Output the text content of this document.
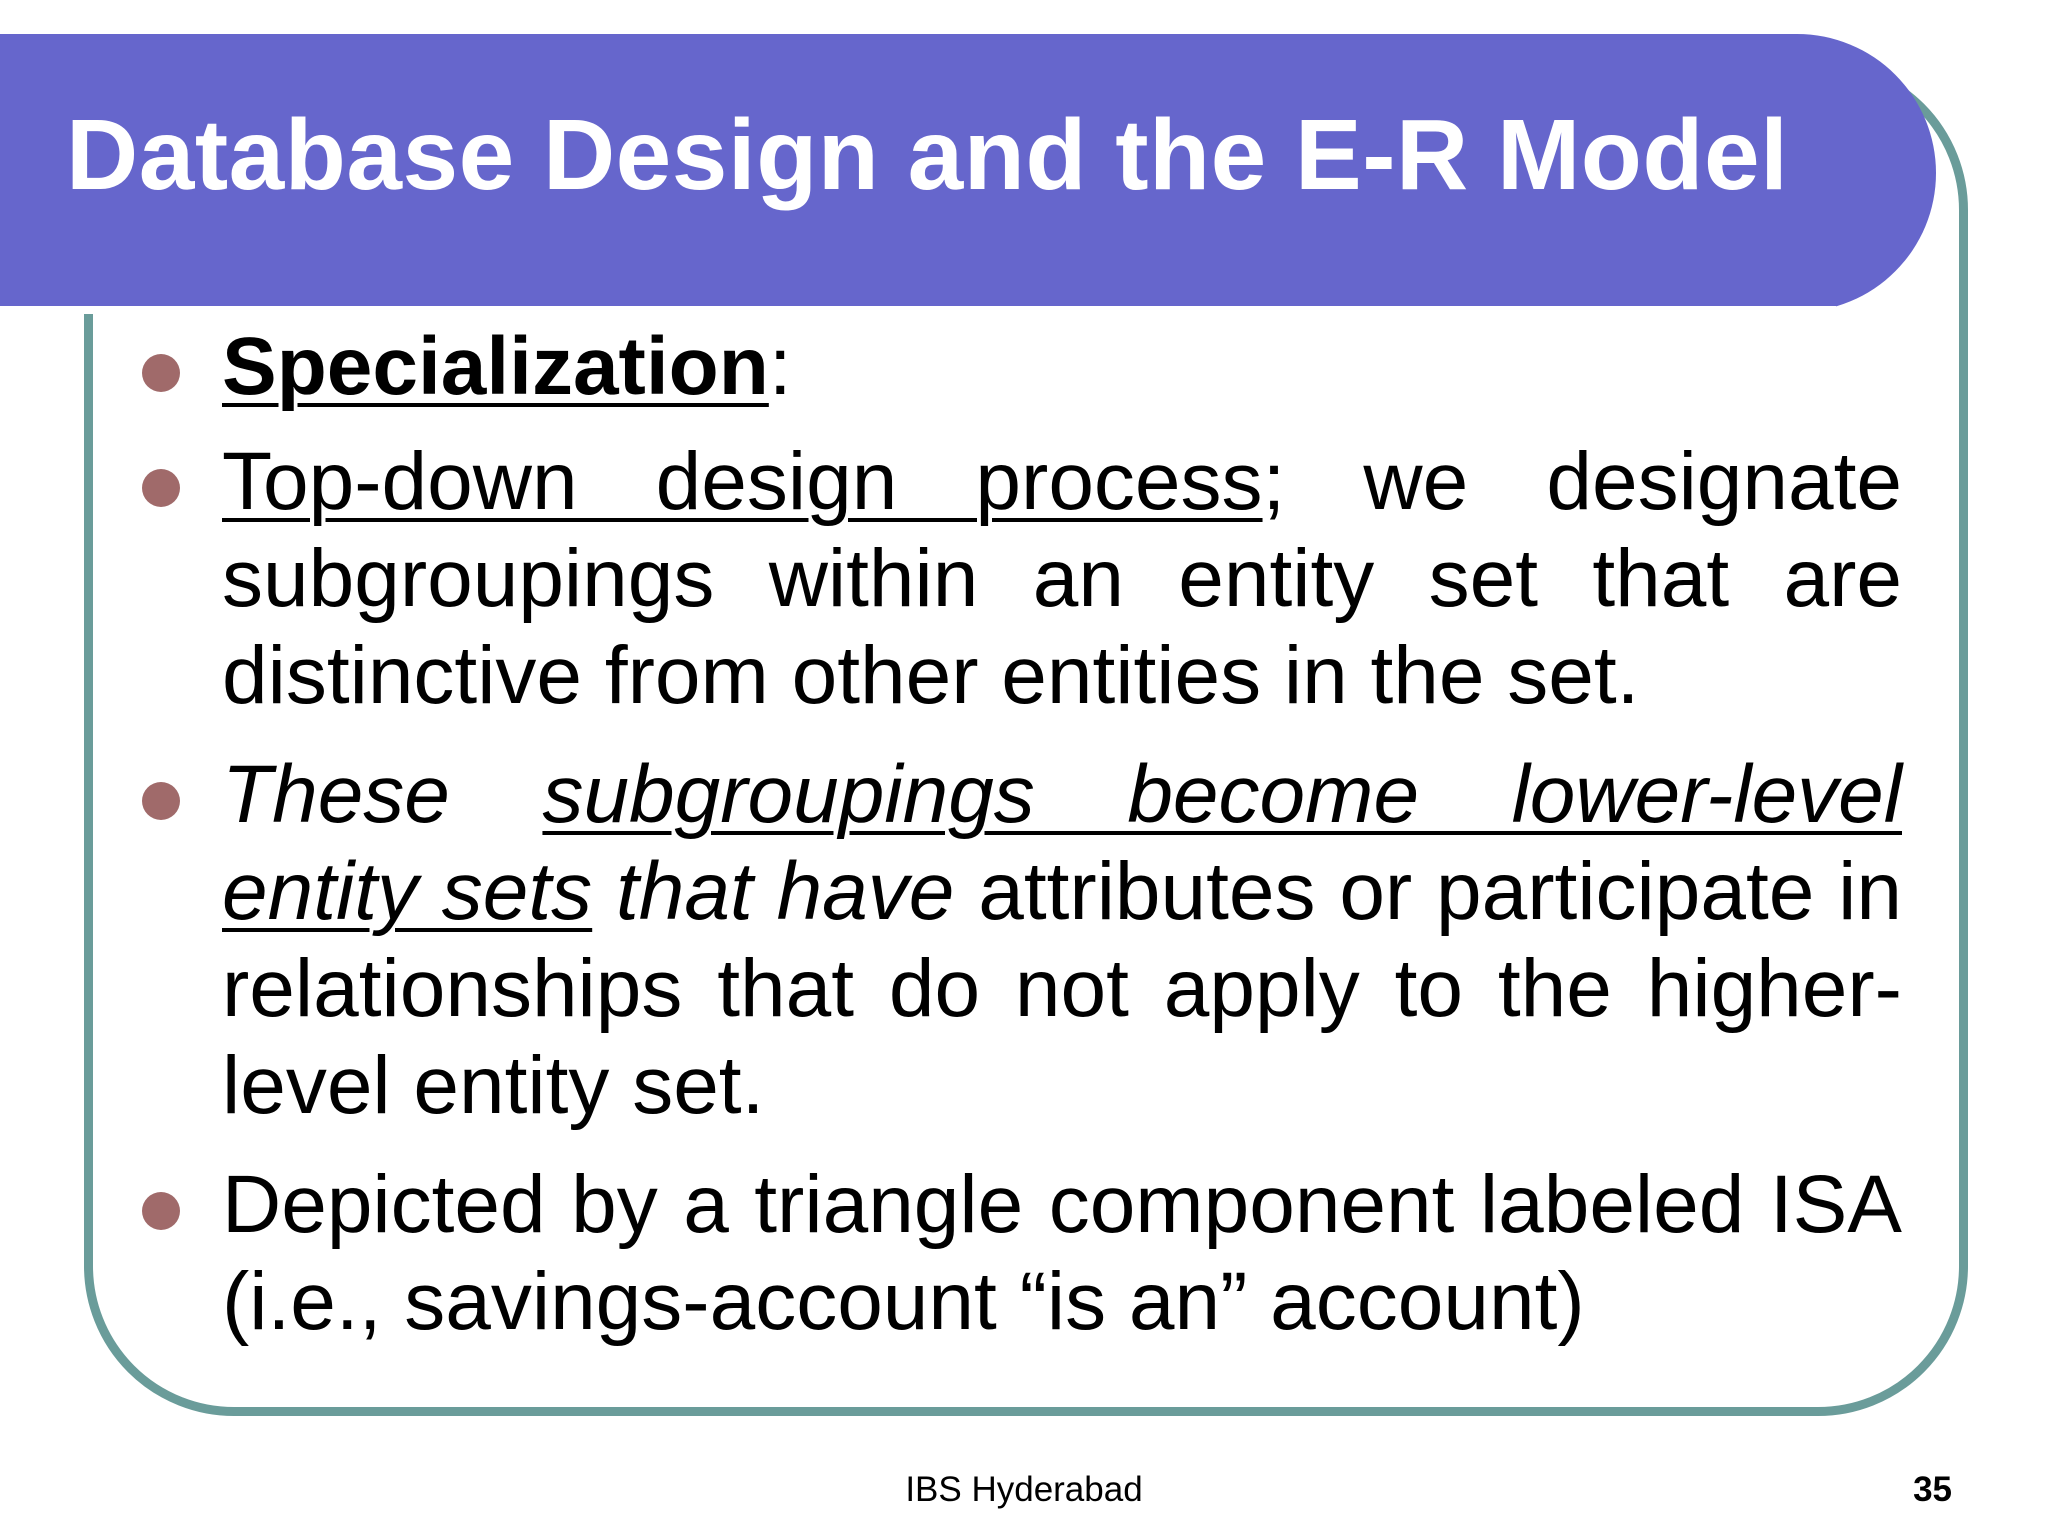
Database Design and the E-R Model
Specialization:
Top-down design process; we designate subgroupings within an entity set that are distinctive from other entities in the set.
These subgroupings become lower-level entity sets that have attributes or participate in relationships that do not apply to the higher-level entity set.
Depicted by a triangle component labeled ISA (i.e., savings-account “is an” account)
IBS Hyderabad	35
